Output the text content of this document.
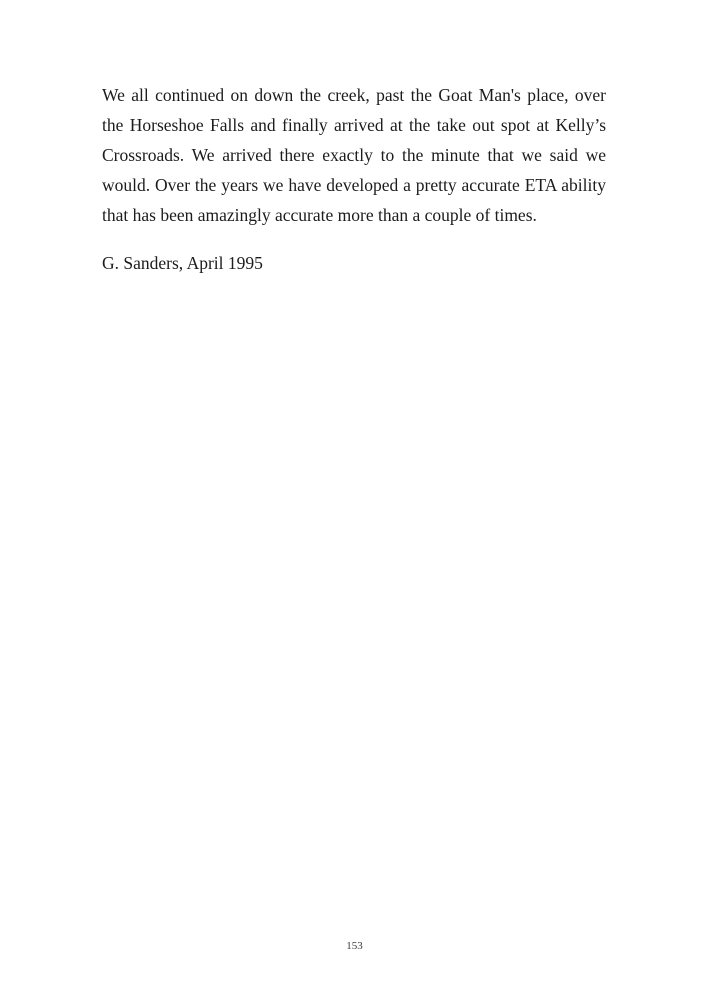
We all continued on down the creek, past the Goat Man's place, over the Horseshoe Falls and finally arrived at the take out spot at Kelly’s Crossroads. We arrived there exactly to the minute that we said we would. Over the years we have developed a pretty accurate ETA ability that has been amazingly accurate more than a couple of times.

G. Sanders, April 1995

153
